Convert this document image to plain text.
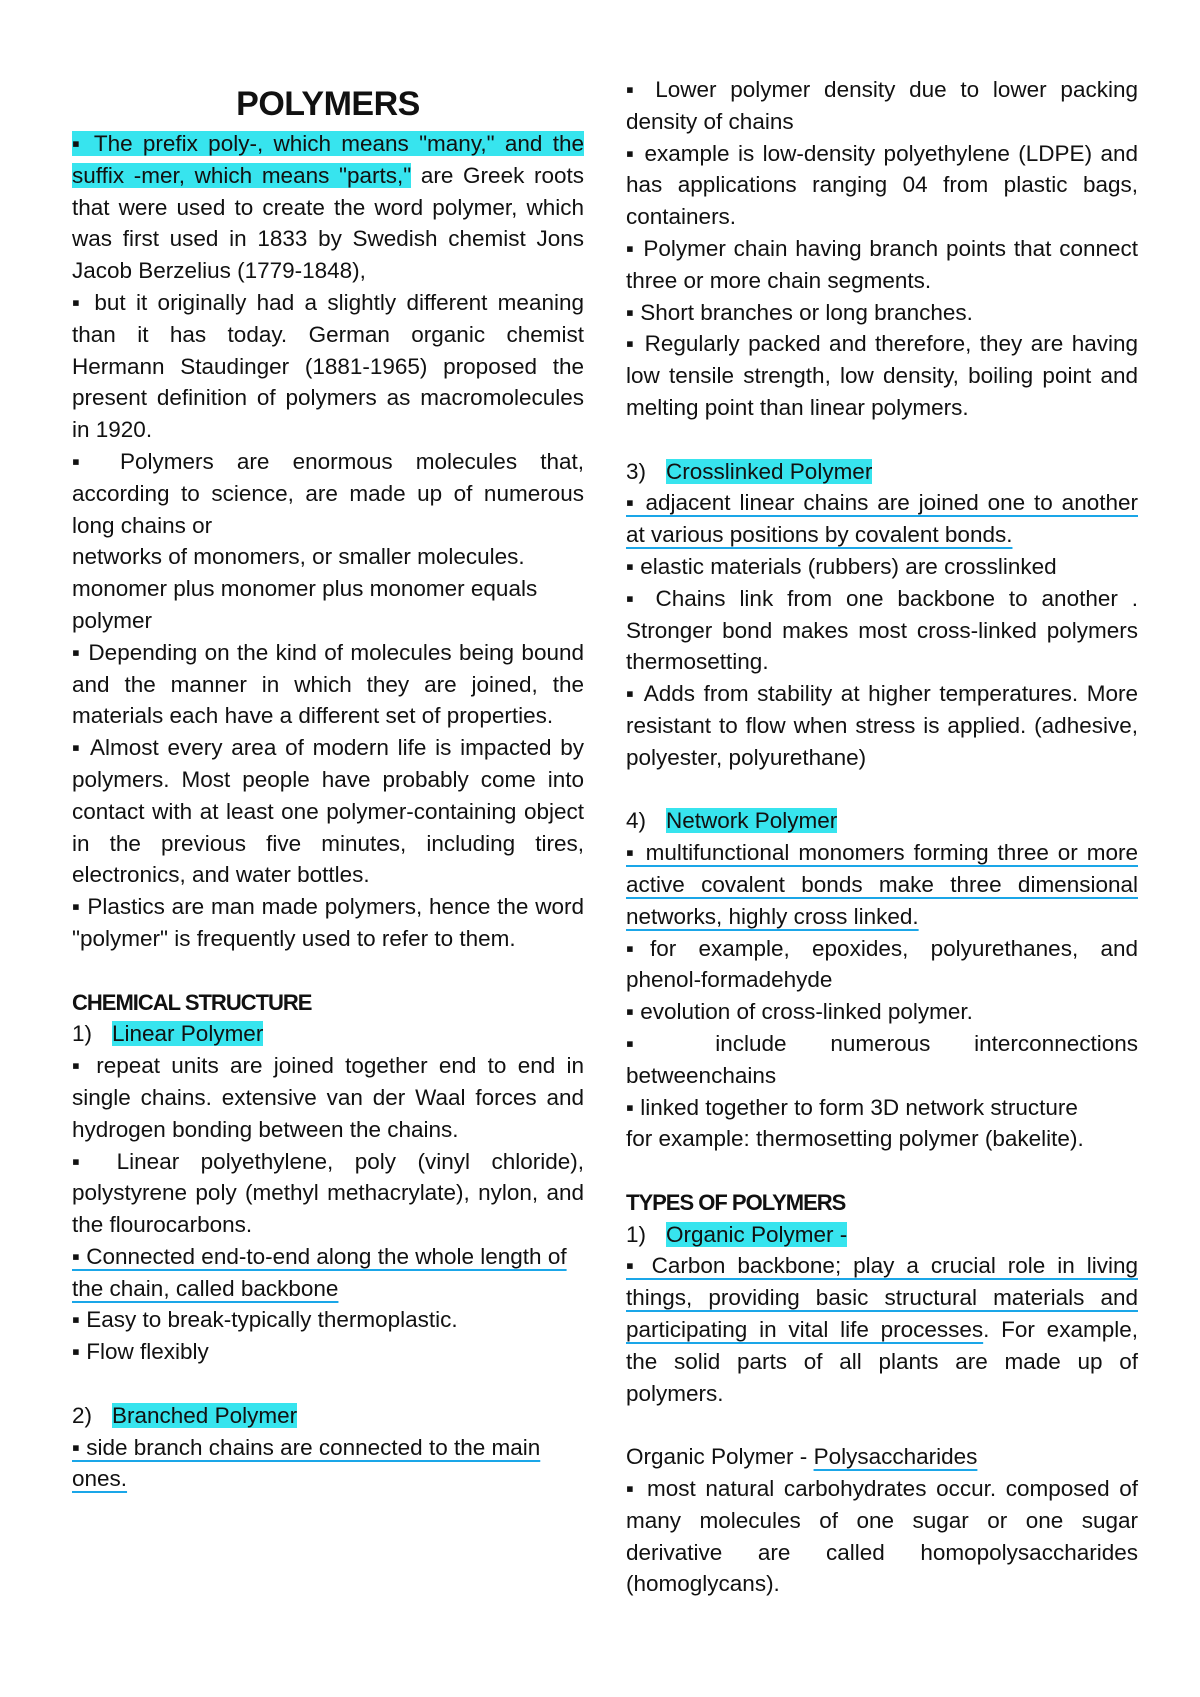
POLYMERS

▪ The prefix poly-, which means "many," and the suffix -mer, which means "parts," are Greek roots that were used to create the word polymer, which was first used in 1833 by Swedish chemist Jons Jacob Berzelius (1779-1848),

▪ but it originally had a slightly different meaning than it has today. German organic chemist Hermann Staudinger (1881-1965) proposed the present definition of polymers as macromolecules in 1920.

▪ Polymers are enormous molecules that, according to science, are made up of numerous long chains or

networks of monomers, or smaller molecules.

monomer plus monomer plus monomer equals polymer

▪ Depending on the kind of molecules being bound and the manner in which they are joined, the materials each have a different set of properties.

▪ Almost every area of modern life is impacted by polymers. Most people have probably come into contact with at least one polymer-containing object in the previous five minutes, including tires, electronics, and water bottles.

▪ Plastics are man made polymers, hence the word "polymer" is frequently used to refer to them.

CHEMICAL STRUCTURE

1) Linear Polymer

▪ repeat units are joined together end to end in single chains. extensive van der Waal forces and hydrogen bonding between the chains.

▪ Linear polyethylene, poly (vinyl chloride), polystyrene poly (methyl methacrylate), nylon, and the flourocarbons.

▪ Connected end-to-end along the whole length of the chain, called backbone

▪ Easy to break-typically thermoplastic.

▪ Flow flexibly

2) Branched Polymer

▪ side branch chains are connected to the main ones.

▪ Lower polymer density due to lower packing density of chains

▪ example is low-density polyethylene (LDPE) and has applications ranging 04 from plastic bags, containers.

▪ Polymer chain having branch points that connect three or more chain segments.

▪ Short branches or long branches.

▪ Regularly packed and therefore, they are having low tensile strength, low density, boiling point and melting point than linear polymers.

3) Crosslinked Polymer

▪ adjacent linear chains are joined one to another at various positions by covalent bonds.

▪ elastic materials (rubbers) are crosslinked

▪ Chains link from one backbone to another . Stronger bond makes most cross-linked polymers thermosetting.

▪ Adds from stability at higher temperatures. More resistant to flow when stress is applied. (adhesive, polyester, polyurethane)

4) Network Polymer

▪ multifunctional monomers forming three or more active covalent bonds make three dimensional networks, highly cross linked.

▪for example, epoxides, polyurethanes, and phenol-formadehyde

▪ evolution of cross-linked polymer.

▪ include numerous interconnections betweenchains

▪ linked together to form 3D network structure

for example: thermosetting polymer (bakelite).

TYPES OF POLYMERS

1) Organic Polymer -

▪ Carbon backbone; play a crucial role in living things, providing basic structural materials and participating in vital life processes. For example, the solid parts of all plants are made up of polymers.

Organic Polymer - Polysaccharides

▪ most natural carbohydrates occur. composed of many molecules of one sugar or one sugar derivative are called homopolysaccharides (homoglycans).
